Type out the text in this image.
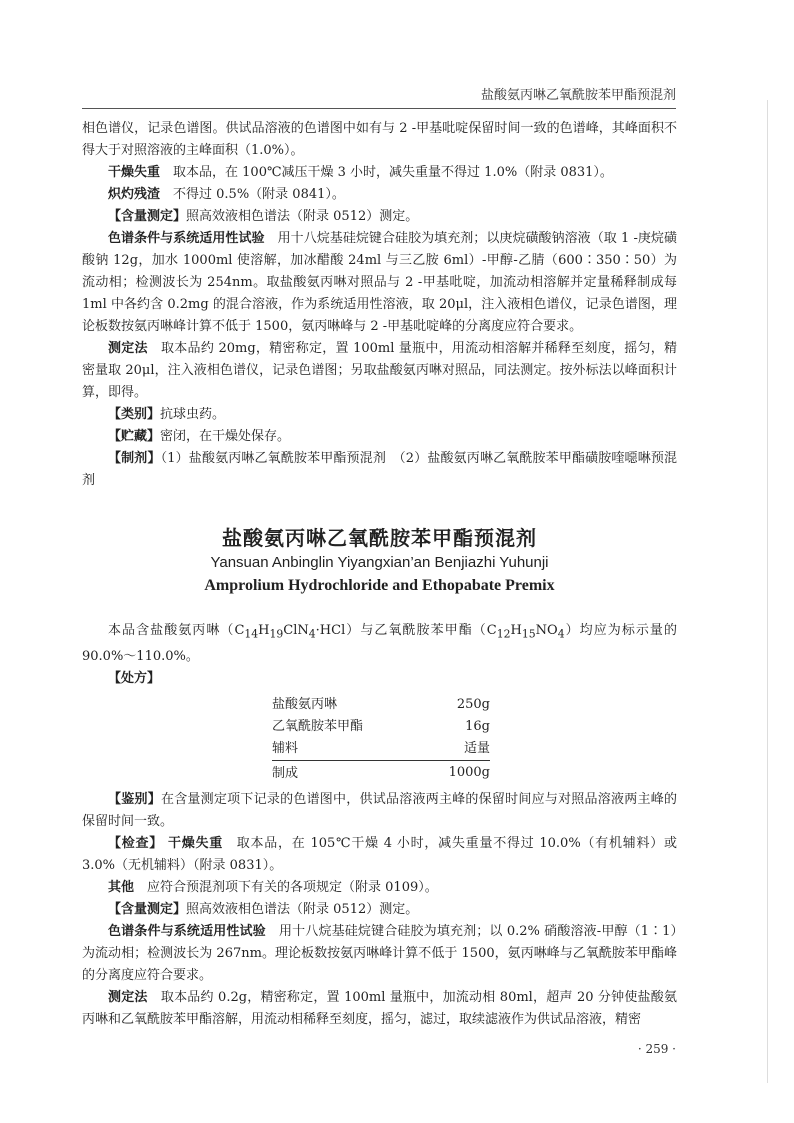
盐酸氨丙啉乙氧酰胺苯甲酯预混剂

相色谱仪，记录色谱图。供试品溶液的色谱图中如有与 2 -甲基吡啶保留时间一致的色谱峰，其峰面积不得大于对照溶液的主峰面积（1.0%）。

干燥失重　取本品，在 100℃减压干燥 3 小时，减失重量不得过 1.0%（附录 0831）。

炽灼残渣　不得过 0.5%（附录 0841）。

【含量测定】照高效液相色谱法（附录 0512）测定。

色谱条件与系统适用性试验　用十八烷基硅烷键合硅胶为填充剂；以庚烷磺酸钠溶液（取 1 -庚烷磺酸钠 12g，加水 1000ml 使溶解，加冰醋酸 24ml 与三乙胺 6ml）-甲醇-乙腈（600∶350∶50）为流动相；检测波长为 254nm。取盐酸氨丙啉对照品与 2 -甲基吡啶，加流动相溶解并定量稀释制成每 1ml 中各约含 0.2mg 的混合溶液，作为系统适用性溶液，取 20μl，注入液相色谱仪，记录色谱图，理论板数按氨丙啉峰计算不低于 1500，氨丙啉峰与 2 -甲基吡啶峰的分离度应符合要求。

测定法　取本品约 20mg，精密称定，置 100ml 量瓶中，用流动相溶解并稀释至刻度，摇匀，精密量取 20μl，注入液相色谱仪，记录色谱图；另取盐酸氨丙啉对照品，同法测定。按外标法以峰面积计算，即得。

【类别】抗球虫药。

【贮藏】密闭，在干燥处保存。

【制剂】（1）盐酸氨丙啉乙氧酰胺苯甲酯预混剂　（2）盐酸氨丙啉乙氧酰胺苯甲酯磺胺喹噁啉预混剂

盐酸氨丙啉乙氧酰胺苯甲酯预混剂
Yansuan Anbinglin Yiyangxian’an Benjiazhi Yuhunji
Amprolium Hydrochloride and Ethopabate Premix

本品含盐酸氨丙啉$(C_{14}H_{19}ClN_4\cdot HCl)$与乙氧酰胺苯甲酯$(C_{12}H_{15}NO_4)$均应为标示量的 90.0%～110.0%。

【处方】

盐酸氨丙啉	250g
乙氧酰胺苯甲酯	16g
辅料	适量
制成	1000g

【鉴别】在含量测定项下记录的色谱图中，供试品溶液两主峰的保留时间应与对照品溶液两主峰的保留时间一致。

【检查】 干燥失重　取本品，在 105℃干燥 4 小时，减失重量不得过 10.0%（有机辅料）或 3.0%（无机辅料）（附录 0831）。

其他　应符合预混剂项下有关的各项规定（附录 0109）。

【含量测定】照高效液相色谱法（附录 0512）测定。

色谱条件与系统适用性试验　用十八烷基硅烷键合硅胶为填充剂；以 0.2% 硝酸溶液-甲醇（1∶1）为流动相；检测波长为 267nm。理论板数按氨丙啉峰计算不低于 1500，氨丙啉峰与乙氧酰胺苯甲酯峰的分离度应符合要求。

测定法　取本品约 0.2g，精密称定，置 100ml 量瓶中，加流动相 80ml，超声 20 分钟使盐酸氨丙啉和乙氧酰胺苯甲酯溶解，用流动相稀释至刻度，摇匀，滤过，取续滤液作为供试品溶液，精密

· 259 ·
